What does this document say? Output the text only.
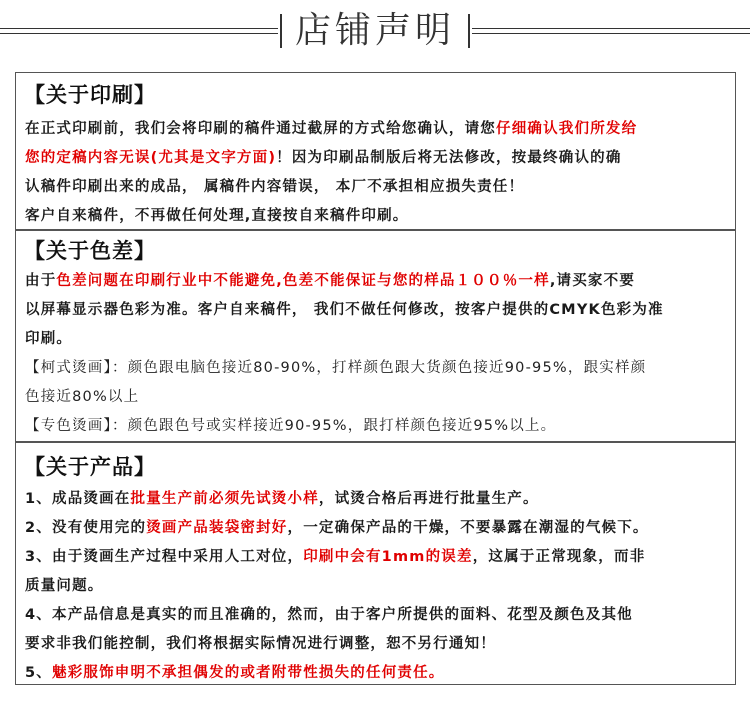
店铺声明
【关于印刷】
在正式印刷前，我们会将印刷的稿件通过截屏的方式给您确认，请您仔细确认我们所发给
您的定稿内容无误(尤其是文字方面)！因为印刷品制版后将无法修改，按最终确认的确
认稿件印刷出来的成品， 属稿件内容错误， 本厂不承担相应损失责任！
客户自来稿件，不再做任何处理,直接按自来稿件印刷。
【关于色差】
由于色差问题在印刷行业中不能避免,色差不能保证与您的样品１００％一样,请买家不要
以屏幕显示器色彩为准。客户自来稿件， 我们不做任何修改，按客户提供的CMYK色彩为准
印刷。
【柯式烫画】：颜色跟电脑色接近80-90%，打样颜色跟大货颜色接近90-95%，跟实样颜
色接近80%以上
【专色烫画】：颜色跟色号或实样接近90-95%，跟打样颜色接近95%以上。
【关于产品】
1、成品烫画在批量生产前必须先试烫小样，试烫合格后再进行批量生产。
2、没有使用完的烫画产品装袋密封好，一定确保产品的干燥，不要暴露在潮湿的气候下。
3、由于烫画生产过程中采用人工对位，印刷中会有1mm的误差，这属于正常现象，而非
质量问题。
4、本产品信息是真实的而且准确的，然而，由于客户所提供的面料、花型及颜色及其他
要求非我们能控制，我们将根据实际情况进行调整，恕不另行通知！
5、魅彩服饰申明不承担偶发的或者附带性损失的任何责任。
